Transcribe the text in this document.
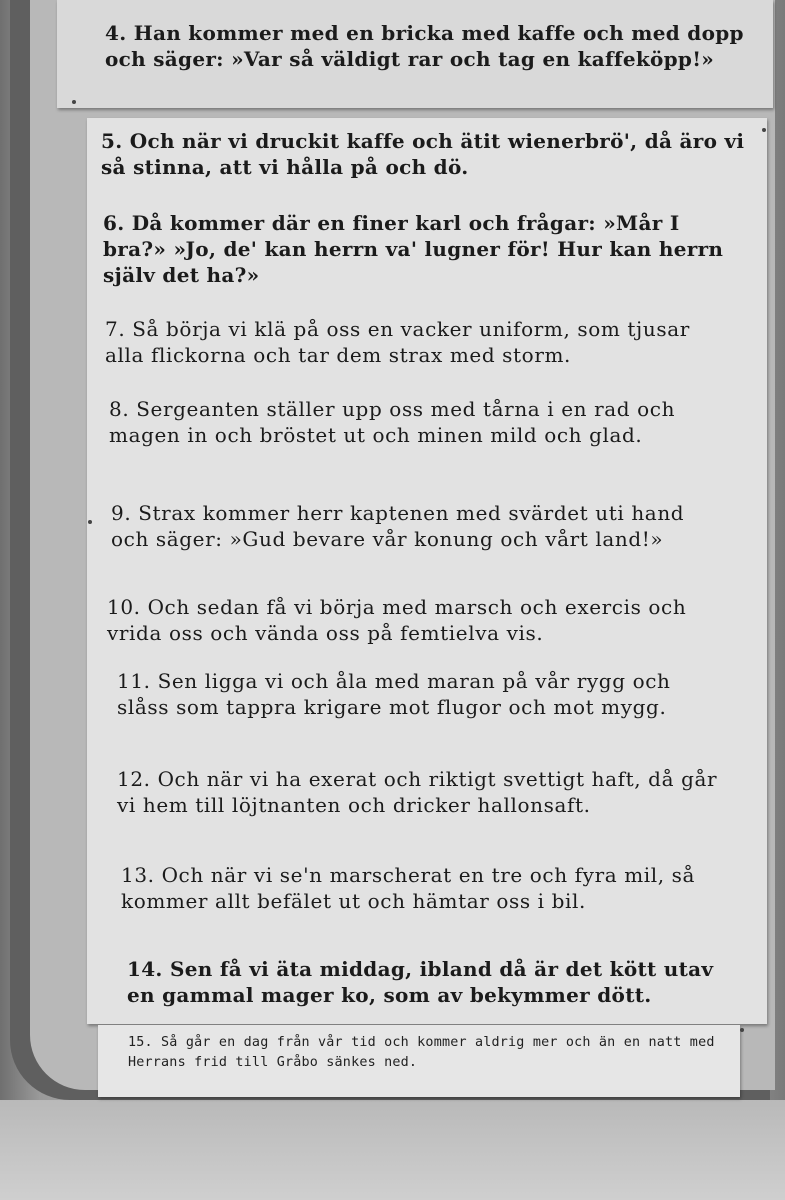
4. Han kommer med en bricka med kaffe och med dopp och säger: »Var så väldigt rar och tag en kaffeköpp!»

5. Och när vi druckit kaffe och ätit wienerbrö', då äro vi så stinna, att vi hålla på och dö.

6. Då kommer där en finer karl och frågar: »Mår I bra?» »Jo, de' kan herrn va' lugner för! Hur kan herrn själv det ha?»

7. Så börja vi klä på oss en vacker uniform, som tjusar alla flickorna och tar dem strax med storm.

8. Sergeanten ställer upp oss med tårna i en rad och magen in och bröstet ut och minen mild och glad.

9. Strax kommer herr kaptenen med svärdet uti hand och säger: »Gud bevare vår konung och vårt land!»

10. Och sedan få vi börja med marsch och exercis och vrida oss och vända oss på femtielva vis.

11. Sen ligga vi och åla med maran på vår rygg och slåss som tappra krigare mot flugor och mot mygg.

12. Och när vi ha exerat och riktigt svettigt haft, då går vi hem till löjtnanten och dricker hallonsaft.

13. Och när vi se'n marscherat en tre och fyra mil, så kommer allt befälet ut och hämtar oss i bil.

14. Sen få vi äta middag, ibland då är det kött utav en gammal mager ko, som av bekymmer dött.

15. Så går en dag från vår tid och kommer aldrig mer och än en natt med Herrans frid till Gråbo sänkes ned.
